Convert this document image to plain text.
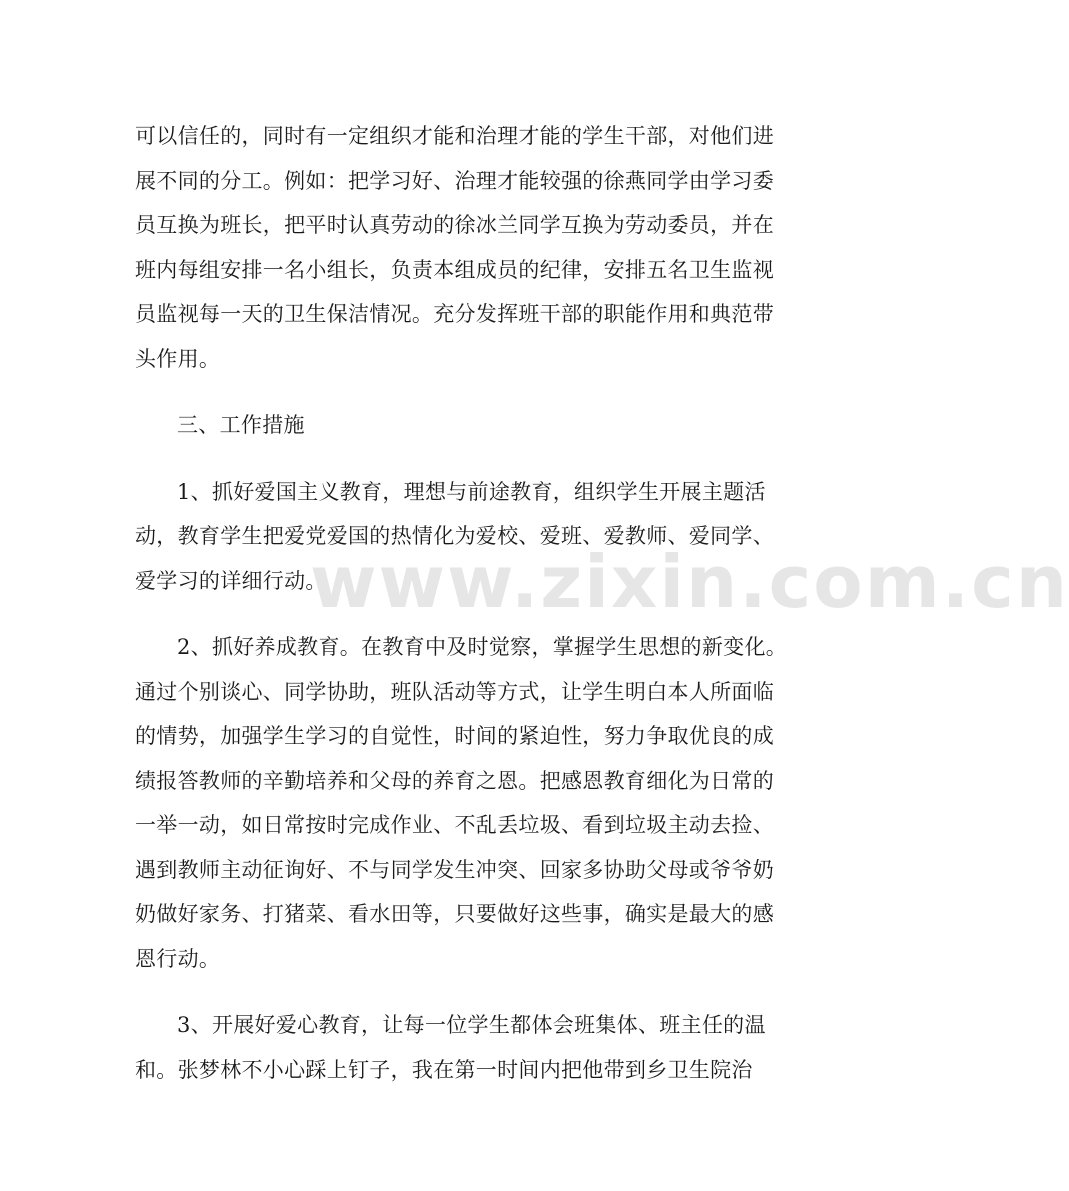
www.zixin.com.cn
可以信任的，同时有一定组织才能和治理才能的学生干部，对他们进
展不同的分工。例如：把学习好、治理才能较强的徐燕同学由学习委
员互换为班长，把平时认真劳动的徐冰兰同学互换为劳动委员，并在
班内每组安排一名小组长，负责本组成员的纪律，安排五名卫生监视
员监视每一天的卫生保洁情况。充分发挥班干部的职能作用和典范带
头作用。
三、工作措施
1、抓好爱国主义教育，理想与前途教育，组织学生开展主题活
动，教育学生把爱党爱国的热情化为爱校、爱班、爱教师、爱同学、
爱学习的详细行动。
2、抓好养成教育。在教育中及时觉察，掌握学生思想的新变化。
通过个别谈心、同学协助，班队活动等方式，让学生明白本人所面临
的情势，加强学生学习的自觉性，时间的紧迫性，努力争取优良的成
绩报答教师的辛勤培养和父母的养育之恩。把感恩教育细化为日常的
一举一动，如日常按时完成作业、不乱丢垃圾、看到垃圾主动去捡、
遇到教师主动征询好、不与同学发生冲突、回家多协助父母或爷爷奶
奶做好家务、打猪菜、看水田等，只要做好这些事，确实是最大的感
恩行动。
3、开展好爱心教育，让每一位学生都体会班集体、班主任的温
和。张梦林不小心踩上钉子，我在第一时间内把他带到乡卫生院治
